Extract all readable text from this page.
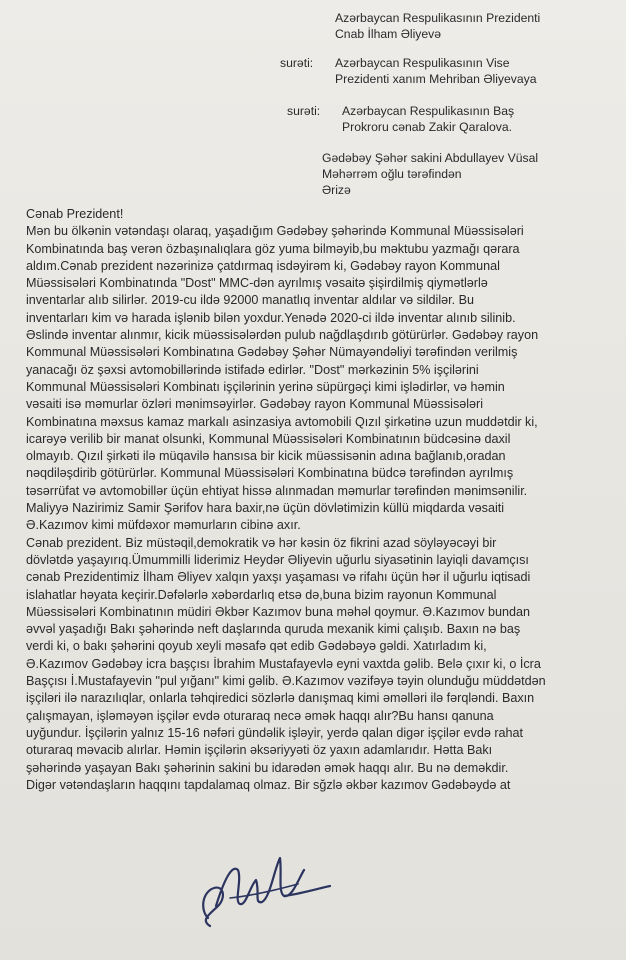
Azərbaycan Respulikasının Prezidenti
Cnab İlham Əliyevə
surəti: Azərbaycan Respulikasının Vise
Prezidenti xanım Mehriban Əliyevaya
surəti: Azərbaycan Respulikasının Baş
Prokroru cənab Zakir Qaralova.
Gədəbəy Şəhər sakini Abdullayev Vüsal
Məhərrəm oğlu tərəfindən
Ərizə
Cənab Prezident!
Mən bu ölkənin vətəndaşı olaraq, yaşadığım Gədəbəy şəhərində Kommunal Müəssisələri
Kombinatında baş verən özbaşınalıqlara göz yuma bilməyib,bu məktubu yazmağı qərara
aldım.Cənab prezident nəzərinizə çatdırmaq isdəyirəm ki, Gədəbəy rayon Kommunal
Müəssisələri Kombinatında "Dost" MMC-dən ayrılmış vəsaitə şişirdilmiş qiymətlərlə
inventarlar alıb silirlər. 2019-cu ildə 92000 manatlıq inventar aldılar və sildilər. Bu
inventarları kim və harada işlənib bilən yoxdur.Yenədə 2020-ci ildə inventar alınıb silinib.
Əslində inventar alınmır, kicik müəssisələrdən pulub nağdlaşdırıb götürürlər. Gədəbəy rayon
Kommunal Müəssisələri Kombinatına Gədəbəy Şəhər Nümayəndəliyi tərəfindən verilmiş
yanacağı öz şəxsi avtomobillərində istifadə edirlər. "Dost" mərkəzinin 5% işçilərini
Kommunal Müəssisələri Kombinatı işçilərinin yerinə süpürgəçi kimi işlədirlər, və həmin
vəsaiti isə məmurlar özləri mənimsəyirlər. Gədəbəy rayon Kommunal Müəssisələri
Kombinatına məxsus kamaz markalı asinzasiya avtomobili Qızıl şirkətinə uzun muddətdir ki,
icarəyə verilib bir manat olsunki, Kommunal Müəssisələri Kombinatının büdcəsinə daxil
olmayıb. Qızıl şirkəti ilə müqavilə hansısa bir kicik müəssisənin adına bağlanıb,oradan
nəqdiləşdirib götürürlər. Kommunal Müəssisələri Kombinatına büdcə tərəfindən ayrılmış
təsərrüfat və avtomobillər üçün ehtiyat hissə alınmadan məmurlar tərəfindən mənimsənilir.
Maliyyə Nazirimiz Samir Şərifov hara baxir,nə üçün dövlətimizin küllü miqdarda vəsaiti
Ə.Kazımov kimi müfdəxor məmurların cibinə axır.
Cənab prezident. Biz müstəqil,demokratik və hər kəsin öz fikrini azad söyləyəcəyi bir
dövlətdə yaşayırıq.Ümummilli liderimiz Heydər Əliyevin uğurlu siyasətinin layiqli davamçısı
cənab Prezidentimiz İlham Əliyev xalqın yaxşı yaşaması və rifahı üçün hər il uğurlu iqtisadi
islahatlar həyata keçirir.Dəfələrlə xəbərdarlıq etsə də,buna bizim rayonun Kommunal
Müəssisələri Kombinatının müdiri Əkbər Kazımov buna məhəl qoymur. Ə.Kazımov bundan
əvvəl yaşadığı Bakı şəhərində neft daşlarında quruda mexanik kimi çalışıb. Baxın nə baş
verdi ki, o bakı şəhərini qoyub xeyli məsafə qət edib Gədəbəyə gəldi. Xatırladım ki,
Ə.Kazımov Gədəbəy icra başçısı İbrahim Mustafayevlə eyni vaxtda gəlib. Belə çıxır ki, o İcra
Başçısı İ.Mustafayevin "pul yığanı" kimi gəlib. Ə.Kazımov vəzifəyə təyin olunduğu müddətdən
işçiləri ilə narazılıqlar, onlarla təhqiredici sözlərlə danışmaq kimi əməlləri ilə fərqləndi. Baxın
çalışmayan, işləməyən işçilər evdə oturaraq necə əmək haqqı alır?Bu hansı qanuna
uyğundur. İşçilərin yalnız 15-16 nəfəri gündəlik işləyir, yerdə qalan digər işçilər evdə rahat
oturaraq məvacib alırlar. Həmin işçilərin əksəriyyəti öz yaxın adamlarıdır. Hətta Bakı
şəhərində yaşayan Bakı şəhərinin sakini bu idarədən əmək haqqı alır. Bu nə deməkdir.
Digər vətəndaşların haqqını tapdalamaq olmaz. Bir sğzlə əkbər kazımov Gədəbəydə at
